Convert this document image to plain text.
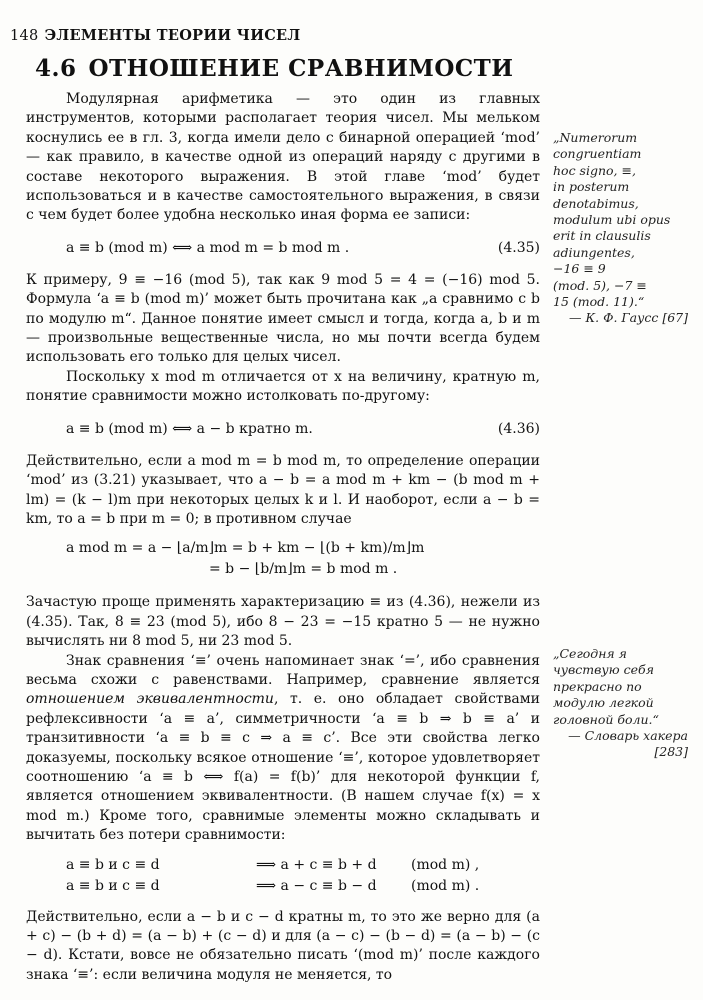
148 ЭЛЕМЕНТЫ ТЕОРИИ ЧИСЕЛ
4.6 ОТНОШЕНИЕ СРАВНИМОСТИ

Модулярная арифметика — это один из главных инструментов, которыми располагает теория чисел. Мы мельком коснулись ее в гл. 3, когда имели дело с бинарной операцией ‘mod’ — как правило, в качестве одной из операций наряду с другими в составе некоторого выражения. В этой главе ‘mod’ будет использоваться и в качестве самостоятельного выражения, в связи с чем будет более удобна несколько иная форма ее записи:

a ≡ b (mod m) ⟺ a mod m = b mod m .	(4.35)

К примеру, 9 ≡ −16 (mod 5), так как 9 mod 5 = 4 = (−16) mod 5. Формула ‘a ≡ b (mod m)’ может быть прочитана как „a сравнимо с b по модулю m“. Данное понятие имеет смысл и тогда, когда a, b и m — произвольные вещественные числа, но мы почти всегда будем использовать его только для целых чисел.

Поскольку x mod m отличается от x на величину, кратную m, понятие сравнимости можно истолковать по-другому:

a ≡ b (mod m) ⟺ a − b кратно m.	(4.36)

Действительно, если a mod m = b mod m, то определение операции ‘mod’ из (3.21) указывает, что a − b = a mod m + km − (b mod m + lm) = (k − l)m при некоторых целых k и l. И наоборот, если a − b = km, то a = b при m = 0; в противном случае

a mod m = a − ⌊a/m⌋m = b + km − ⌊(b + km)/m⌋m
= b − ⌊b/m⌋m = b mod m .

Зачастую проще применять характеризацию ≡ из (4.36), нежели из (4.35). Так, 8 ≡ 23 (mod 5), ибо 8 − 23 = −15 кратно 5 — не нужно вычислять ни 8 mod 5, ни 23 mod 5.

Знак сравнения ‘≡’ очень напоминает знак ‘=’, ибо сравнения весьма схожи с равенствами. Например, сравнение является отношением эквивалентности, т. е. оно обладает свойствами рефлексивности ‘a ≡ a’, симметричности ‘a ≡ b ⇒ b ≡ a’ и транзитивности ‘a ≡ b ≡ c ⇒ a ≡ c’. Все эти свойства легко доказуемы, поскольку всякое отношение ‘≡’, которое удовлетворяет соотношению ‘a ≡ b ⟺ f(a) = f(b)’ для некоторой функции f, является отношением эквивалентности. (В нашем случае f(x) = x mod m.) Кроме того, сравнимые элементы можно складывать и вычитать без потери сравнимости:

a ≡ b и c ≡ d	⟹ a + c ≡ b + d (mod m) ,
a ≡ b и c ≡ d	⟹ a − c ≡ b − d (mod m) .

Действительно, если a − b и c − d кратны m, то это же верно для (a + c) − (b + d) = (a − b) + (c − d) и для (a − c) − (b − d) = (a − b) − (c − d). Кстати, вовсе не обязательно писать ‘(mod m)’ после каждого знака ‘≡’: если величина модуля не меняется, то

„Numerorum
congruentiam
hoc signo, ≡,
in posterum
denotabimus,
modulum ubi opus
erit in clausulis
adiungentes,
−16 ≡ 9
(mod. 5), −7 ≡
15 (mod. 11).“
— К. Ф. Гаусс [67]
„Сегодня я чувствую себя прекрасно по модулю легкой головной боли.“
— Словарь хакера [283]
